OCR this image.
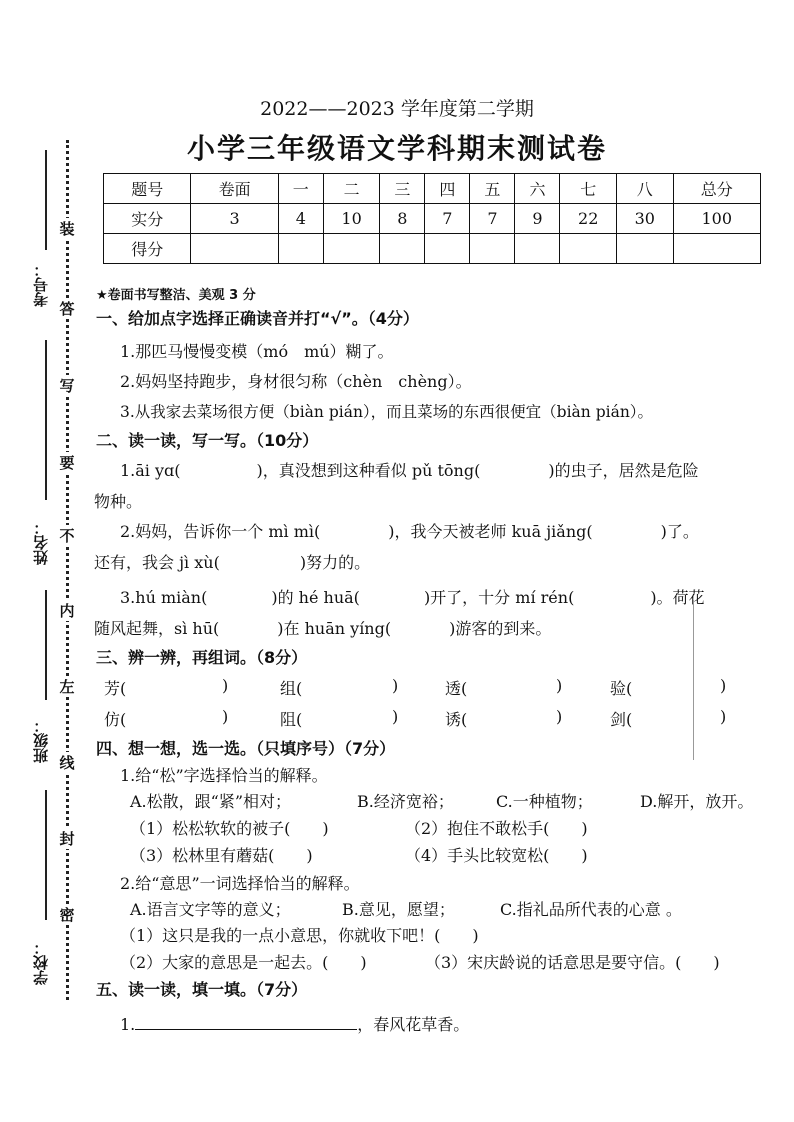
装
答
写
要
不
内
左
线
封
密
考号：
姓名：
班级：
学校：
2022——2023 学年度第二学期
小学三年级语文学科期末测试卷
题号	卷面	一	二	三	四	五	六	七	八	总分
实分	3	4	10	8	7	7	9	22	30	100
得分										
★卷面书写整洁、美观 3 分
一、给加点字选择正确读音并打“√”。（4分）
1.那匹马慢慢变模（mó　mú）糊了。
2.妈妈坚持跑步，身材很匀称（chèn　chèng）。
3.从我家去菜场很方便（biàn pián），而且菜场的东西很便宜（biàn pián）。
二、读一读，写一写。（10分）
1.āi yɑ(	)，真没想到这种看似 pǔ tōng(	)的虫子，居然是危险
物种。
2.妈妈，告诉你一个 mì mì(	)，我今天被老师 kuā jiǎng(	)了。
还有，我会 jì xù(	)努力的。
3.hú miàn(	)的 hé huā(	)开了，十分 mí rén(	)。荷花
随风起舞，sì hū(	)在 huān yíng(	)游客的到来。
三、辨一辨，再组词。（8分）
芳(	)	组(	)	透(	)	验(	)
仿(	)	阻(	)	诱(	)	剑(	)
四、想一想，选一选。（只填序号）（7分）
1.给“松”字选择恰当的解释。
A.松散，跟“紧”相对；	B.经济宽裕；	C.一种植物；	D.解开，放开。
（1）松松软软的被子(　　)	（2）抱住不敢松手(　　)
（3）松林里有蘑菇(　　)	（4）手头比较宽松(　　)
2.给“意思”一词选择恰当的解释。
A.语言文字等的意义；	B.意见，愿望；	C.指礼品所代表的心意 。
（1）这只是我的一点小意思，你就收下吧！(　　)
（2）大家的意思是一起去。(　　)	（3）宋庆龄说的话意思是要守信。(　　)
五、读一读，填一填。（7分）
1.	，春风花草香。
